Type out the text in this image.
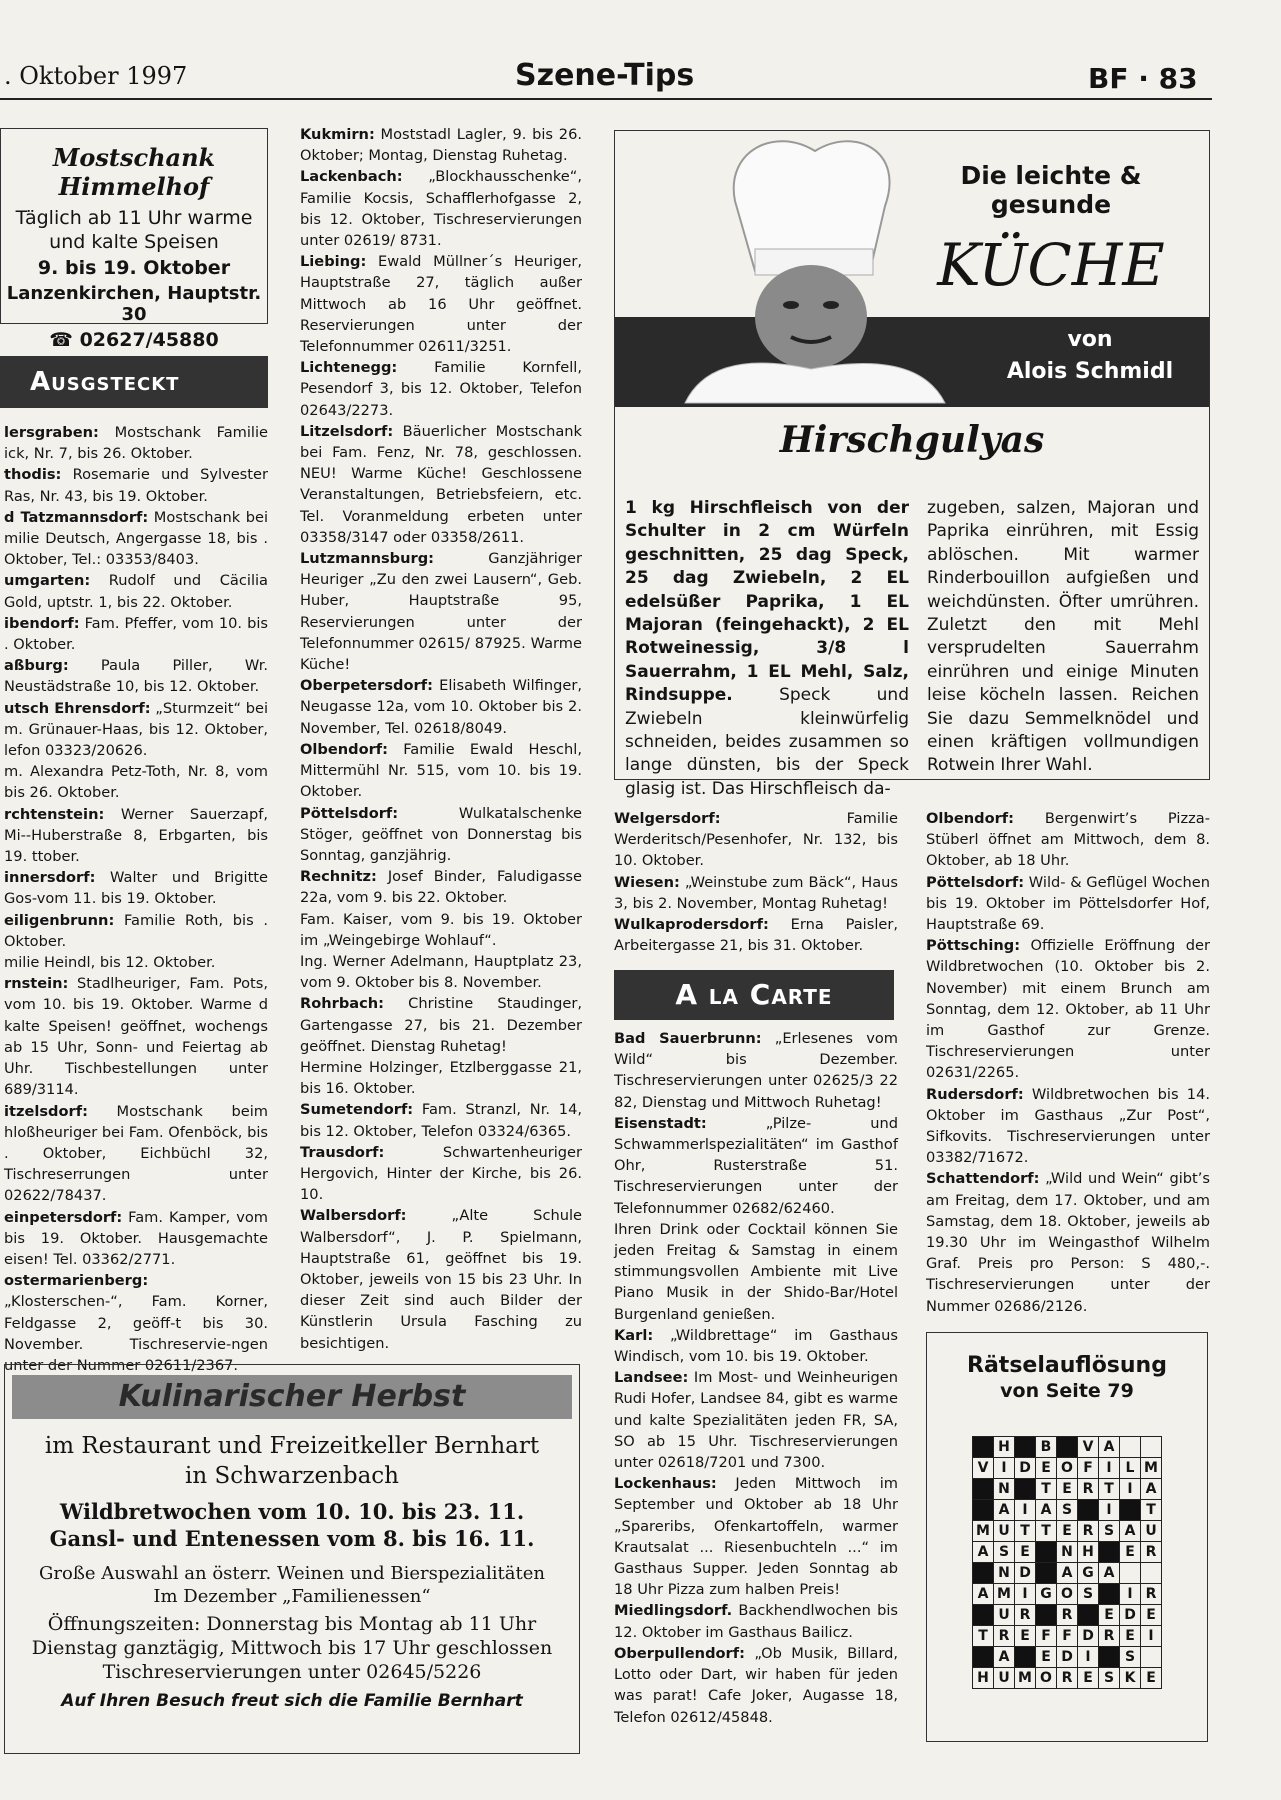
. Oktober 1997	Szene-Tips	BF · 83
Mostschank Himmelhof
Täglich ab 11 Uhr warme
und kalte Speisen
9. bis 19. Oktober
Lanzenkirchen, Hauptstr. 30
☎ 02627/45880
Ausgsteckt

lersgraben: Mostschank Familie ick, Nr. 7, bis 26. Oktober.

thodis: Rosemarie und Sylvester Ras, Nr. 43, bis 19. Oktober.

d Tatzmannsdorf: Mostschank bei milie Deutsch, Angergasse 18, bis . Oktober, Tel.: 03353/8403.

umgarten: Rudolf und Cäcilia Gold, uptstr. 1, bis 22. Oktober.

ibendorf: Fam. Pfeffer, vom 10. bis . Oktober.

aßburg: Paula Piller, Wr. Neustädstraße 10, bis 12. Oktober.

utsch Ehrensdorf: „Sturmzeit“ bei m. Grünauer-Haas, bis 12. Oktober, lefon 03323/20626.

m. Alexandra Petz-Toth, Nr. 8, vom bis 26. Oktober.

rchtenstein: Werner Sauerzapf, Mi--Huberstraße 8, Erbgarten, bis 19. ttober.

innersdorf: Walter und Brigitte Gos-vom 11. bis 19. Oktober.

eiligenbrunn: Familie Roth, bis . Oktober.

milie Heindl, bis 12. Oktober.

rnstein: Stadlheuriger, Fam. Pots, vom 10. bis 19. Oktober. Warme d kalte Speisen! geöffnet, wochengs ab 15 Uhr, Sonn- und Feiertag ab Uhr. Tischbestellungen unter 689/3114.

itzelsdorf: Mostschank beim hloßheuriger bei Fam. Ofenböck, bis . Oktober, Eichbüchl 32, Tischreserrungen unter 02622/78437.

einpetersdorf: Fam. Kamper, vom bis 19. Oktober. Hausgemachte eisen! Tel. 03362/2771.

ostermarienberg: „Klosterschen-“, Fam. Korner, Feldgasse 2, geöff-t bis 30. November. Tischreservie-ngen unter der Nummer 02611/2367.

Kukmirn: Moststadl Lagler, 9. bis 26. Oktober; Montag, Dienstag Ruhetag.

Lackenbach: „Blockhausschenke“, Familie Kocsis, Schafflerhofgasse 2, bis 12. Oktober, Tischreservierungen unter 02619/ 8731.

Liebing: Ewald Müllner´s Heuriger, Hauptstraße 27, täglich außer Mittwoch ab 16 Uhr geöffnet. Reservierungen unter der Telefonnummer 02611/3251.

Lichtenegg: Familie Kornfell, Pesendorf 3, bis 12. Oktober, Telefon 02643/2273.

Litzelsdorf: Bäuerlicher Mostschank bei Fam. Fenz, Nr. 78, geschlossen. NEU! Warme Küche! Geschlossene Veranstaltungen, Betriebsfeiern, etc. Tel. Voranmeldung erbeten unter 03358/3147 oder 03358/2611.

Lutzmannsburg: Ganzjähriger Heuriger „Zu den zwei Lausern“, Geb. Huber, Hauptstraße 95, Reservierungen unter der Telefonnummer 02615/ 87925. Warme Küche!

Oberpetersdorf: Elisabeth Wilfinger, Neugasse 12a, vom 10. Oktober bis 2. November, Tel. 02618/8049.

Olbendorf: Familie Ewald Heschl, Mittermühl Nr. 515, vom 10. bis 19. Oktober.

Pöttelsdorf: Wulkatalschenke Stöger, geöffnet von Donnerstag bis Sonntag, ganzjährig.

Rechnitz: Josef Binder, Faludigasse 22a, vom 9. bis 22. Oktober.

Fam. Kaiser, vom 9. bis 19. Oktober im „Weingebirge Wohlauf“.

Ing. Werner Adelmann, Hauptplatz 23, vom 9. Oktober bis 8. November.

Rohrbach: Christine Staudinger, Gartengasse 27, bis 21. Dezember geöffnet. Dienstag Ruhetag!

Hermine Holzinger, Etzlberggasse 21, bis 16. Oktober.

Sumetendorf: Fam. Stranzl, Nr. 14, bis 12. Oktober, Telefon 03324/6365.

Trausdorf: Schwartenheuriger Hergovich, Hinter der Kirche, bis 26. 10.

Walbersdorf: „Alte Schule Walbersdorf“, J. P. Spielmann, Hauptstraße 61, geöffnet bis 19. Oktober, jeweils von 15 bis 23 Uhr. In dieser Zeit sind auch Bilder der Künstlerin Ursula Fasching zu besichtigen.

Die leichte & gesunde
KÜCHE
von
Alois Schmidl
Hirschgulyas
1 kg Hirschfleisch von der Schulter in 2 cm Würfeln geschnitten, 25 dag Speck, 25 dag Zwiebeln, 2 EL edelsüßer Paprika, 1 EL Majoran (feingehackt), 2 EL Rotweinessig, 3/8 l Sauerrahm, 1 EL Mehl, Salz, Rindsuppe.	Speck und Zwiebeln kleinwürfelig schneiden, beides zusammen so lange dünsten, bis der Speck glasig ist. Das Hirschfleisch da-
zugeben, salzen, Majoran und Paprika einrühren, mit Essig ablöschen. Mit warmer Rinderbouillon aufgießen und weichdünsten. Öfter umrühren. Zuletzt den mit Mehl versprudelten Sauerrahm einrühren und einige Minuten leise köcheln lassen. Reichen Sie dazu Semmelknödel und einen kräftigen vollmundigen Rotwein Ihrer Wahl.

Welgersdorf: Familie Werderitsch/Pesenhofer, Nr. 132, bis 10. Oktober.

Wiesen: „Weinstube zum Bäck“, Haus 3, bis 2. November, Montag Ruhetag!

Wulkaprodersdorf: Erna Paisler, Arbeitergasse 21, bis 31. Oktober.

A la Carte

Bad Sauerbrunn: „Erlesenes vom Wild“ bis Dezember. Tischreservierungen unter 02625/3 22 82, Dienstag und Mittwoch Ruhetag!

Eisenstadt: „Pilze- und Schwammerlspezialitäten“ im Gasthof Ohr, Rusterstraße 51. Tischreservierungen unter der Telefonnummer 02682/62460.

Ihren Drink oder Cocktail können Sie jeden Freitag & Samstag in einem stimmungsvollen Ambiente mit Live Piano Musik in der Shido-Bar/Hotel Burgenland genießen.

Karl: „Wildbrettage“ im Gasthaus Windisch, vom 10. bis 19. Oktober.

Landsee: Im Most- und Weinheurigen Rudi Hofer, Landsee 84, gibt es warme und kalte Spezialitäten jeden FR, SA, SO ab 15 Uhr. Tischreservierungen unter 02618/7201 und 7300.

Lockenhaus: Jeden Mittwoch im September und Oktober ab 18 Uhr „Spareribs, Ofenkartoffeln, warmer Krautsalat ... Riesenbuchteln ...“ im Gasthaus Supper. Jeden Sonntag ab 18 Uhr Pizza zum halben Preis!

Miedlingsdorf. Backhendlwochen bis 12. Oktober im Gasthaus Bailicz.

Oberpullendorf: „Ob Musik, Billard, Lotto oder Dart, wir haben für jeden was parat! Cafe Joker, Augasse 18, Telefon 02612/45848.

Olbendorf: Bergenwirt’s Pizza-Stüberl öffnet am Mittwoch, dem 8. Oktober, ab 18 Uhr.

Pöttelsdorf: Wild- & Geflügel Wochen bis 19. Oktober im Pöttelsdorfer Hof, Hauptstraße 69.

Pöttsching: Offizielle Eröffnung der Wildbretwochen (10. Oktober bis 2. November) mit einem Brunch am Sonntag, dem 12. Oktober, ab 11 Uhr im Gasthof zur Grenze. Tischreservierungen unter 02631/2265.

Rudersdorf: Wildbretwochen bis 14. Oktober im Gasthaus „Zur Post“, Sifkovits. Tischreservierungen unter 03382/71672.

Schattendorf: „Wild und Wein“ gibt’s am Freitag, dem 17. Oktober, und am Samstag, dem 18. Oktober, jeweils ab 19.30 Uhr im Weingasthof Wilhelm Graf. Preis pro Person: S 480,-. Tischreservierungen unter der Nummer 02686/2126.

Rätselauflösung
von Seite 79
	H		B		V	A		
V	I	D	E	O	F	I	L	M
	N		T	E	R	T	I	A
	A	I	A	S		I		T
M	U	T	T	E	R	S	A	U
A	S	E		N	H		E	R
	N	D		A	G	A		
A	M	I	G	O	S		I	R
	U	R		R		E	D	E
T	R	E	F	F	D	R	E	I
	A		E	D	I		S	
H	U	M	O	R	E	S	K	E
Kulinarischer Herbst
im Restaurant und Freizeitkeller Bernhart
in Schwarzenbach
Wildbretwochen vom 10. 10. bis 23. 11.
Gansl- und Entenessen vom 8. bis 16. 11.
Große Auswahl an österr. Weinen und Bierspezialitäten
Im Dezember „Familienessen“
Öffnungszeiten: Donnerstag bis Montag ab 11 Uhr
Dienstag ganztägig, Mittwoch bis 17 Uhr geschlossen
Tischreservierungen unter 02645/5226
Auf Ihren Besuch freut sich die Familie Bernhart
